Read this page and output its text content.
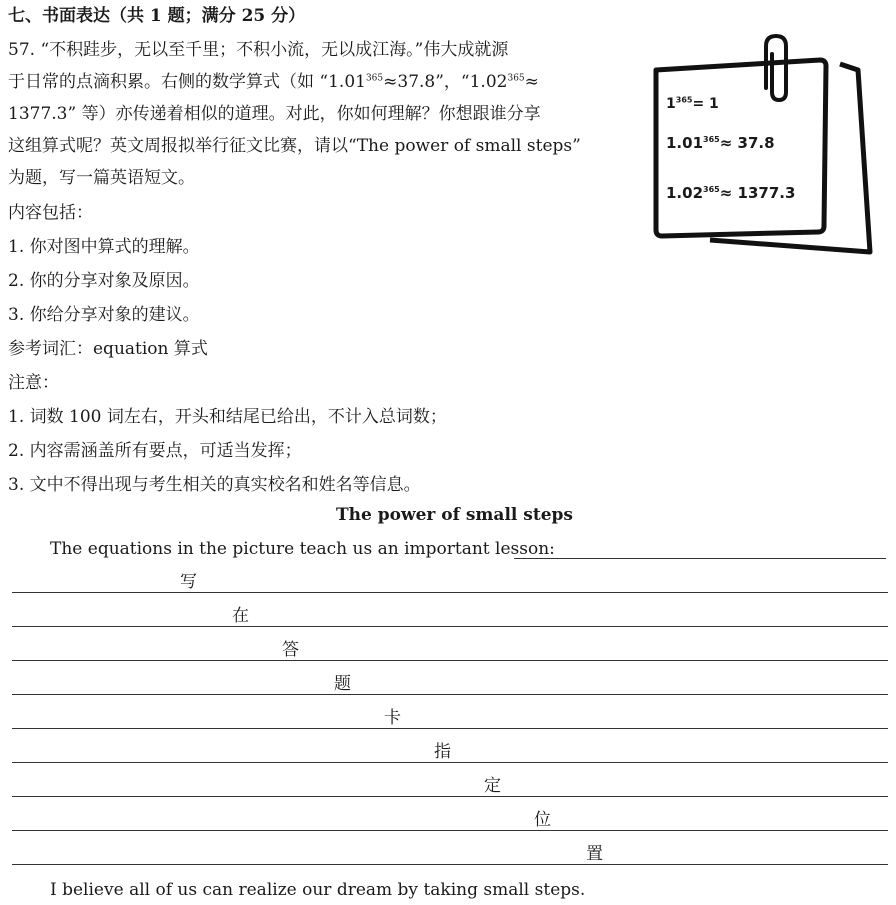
七、书面表达（共 1 题；满分 25 分）
57. “不积跬步，无以至千里；不积小流，无以成江海。”伟大成就源
于日常的点滴积累。右侧的数学算式（如 “$1.01^{365}\approx 37.8$”，“$1.02^{365}\approx$
1377.3” 等）亦传递着相似的道理。对此，你如何理解？你想跟谁分享
这组算式呢？英文周报拟举行征文比赛，请以“The power of small steps”
为题，写一篇英语短文。
内容包括：
1. 你对图中算式的理解。
2. 你的分享对象及原因。
3. 你给分享对象的建议。
参考词汇：equation 算式
注意：
1. 词数 100 词左右，开头和结尾已给出，不计入总词数；
2. 内容需涵盖所有要点，可适当发挥；
3. 文中不得出现与考生相关的真实校名和姓名等信息。
$1^{365}= 1$
$1.01^{365}\approx 37.8$
$1.02^{365}\approx 1377.3$
The power of small steps
The equations in the picture teach us an important lesson:
写
在
答
题
卡
指
定
位
置
I believe all of us can realize our dream by taking small steps.
